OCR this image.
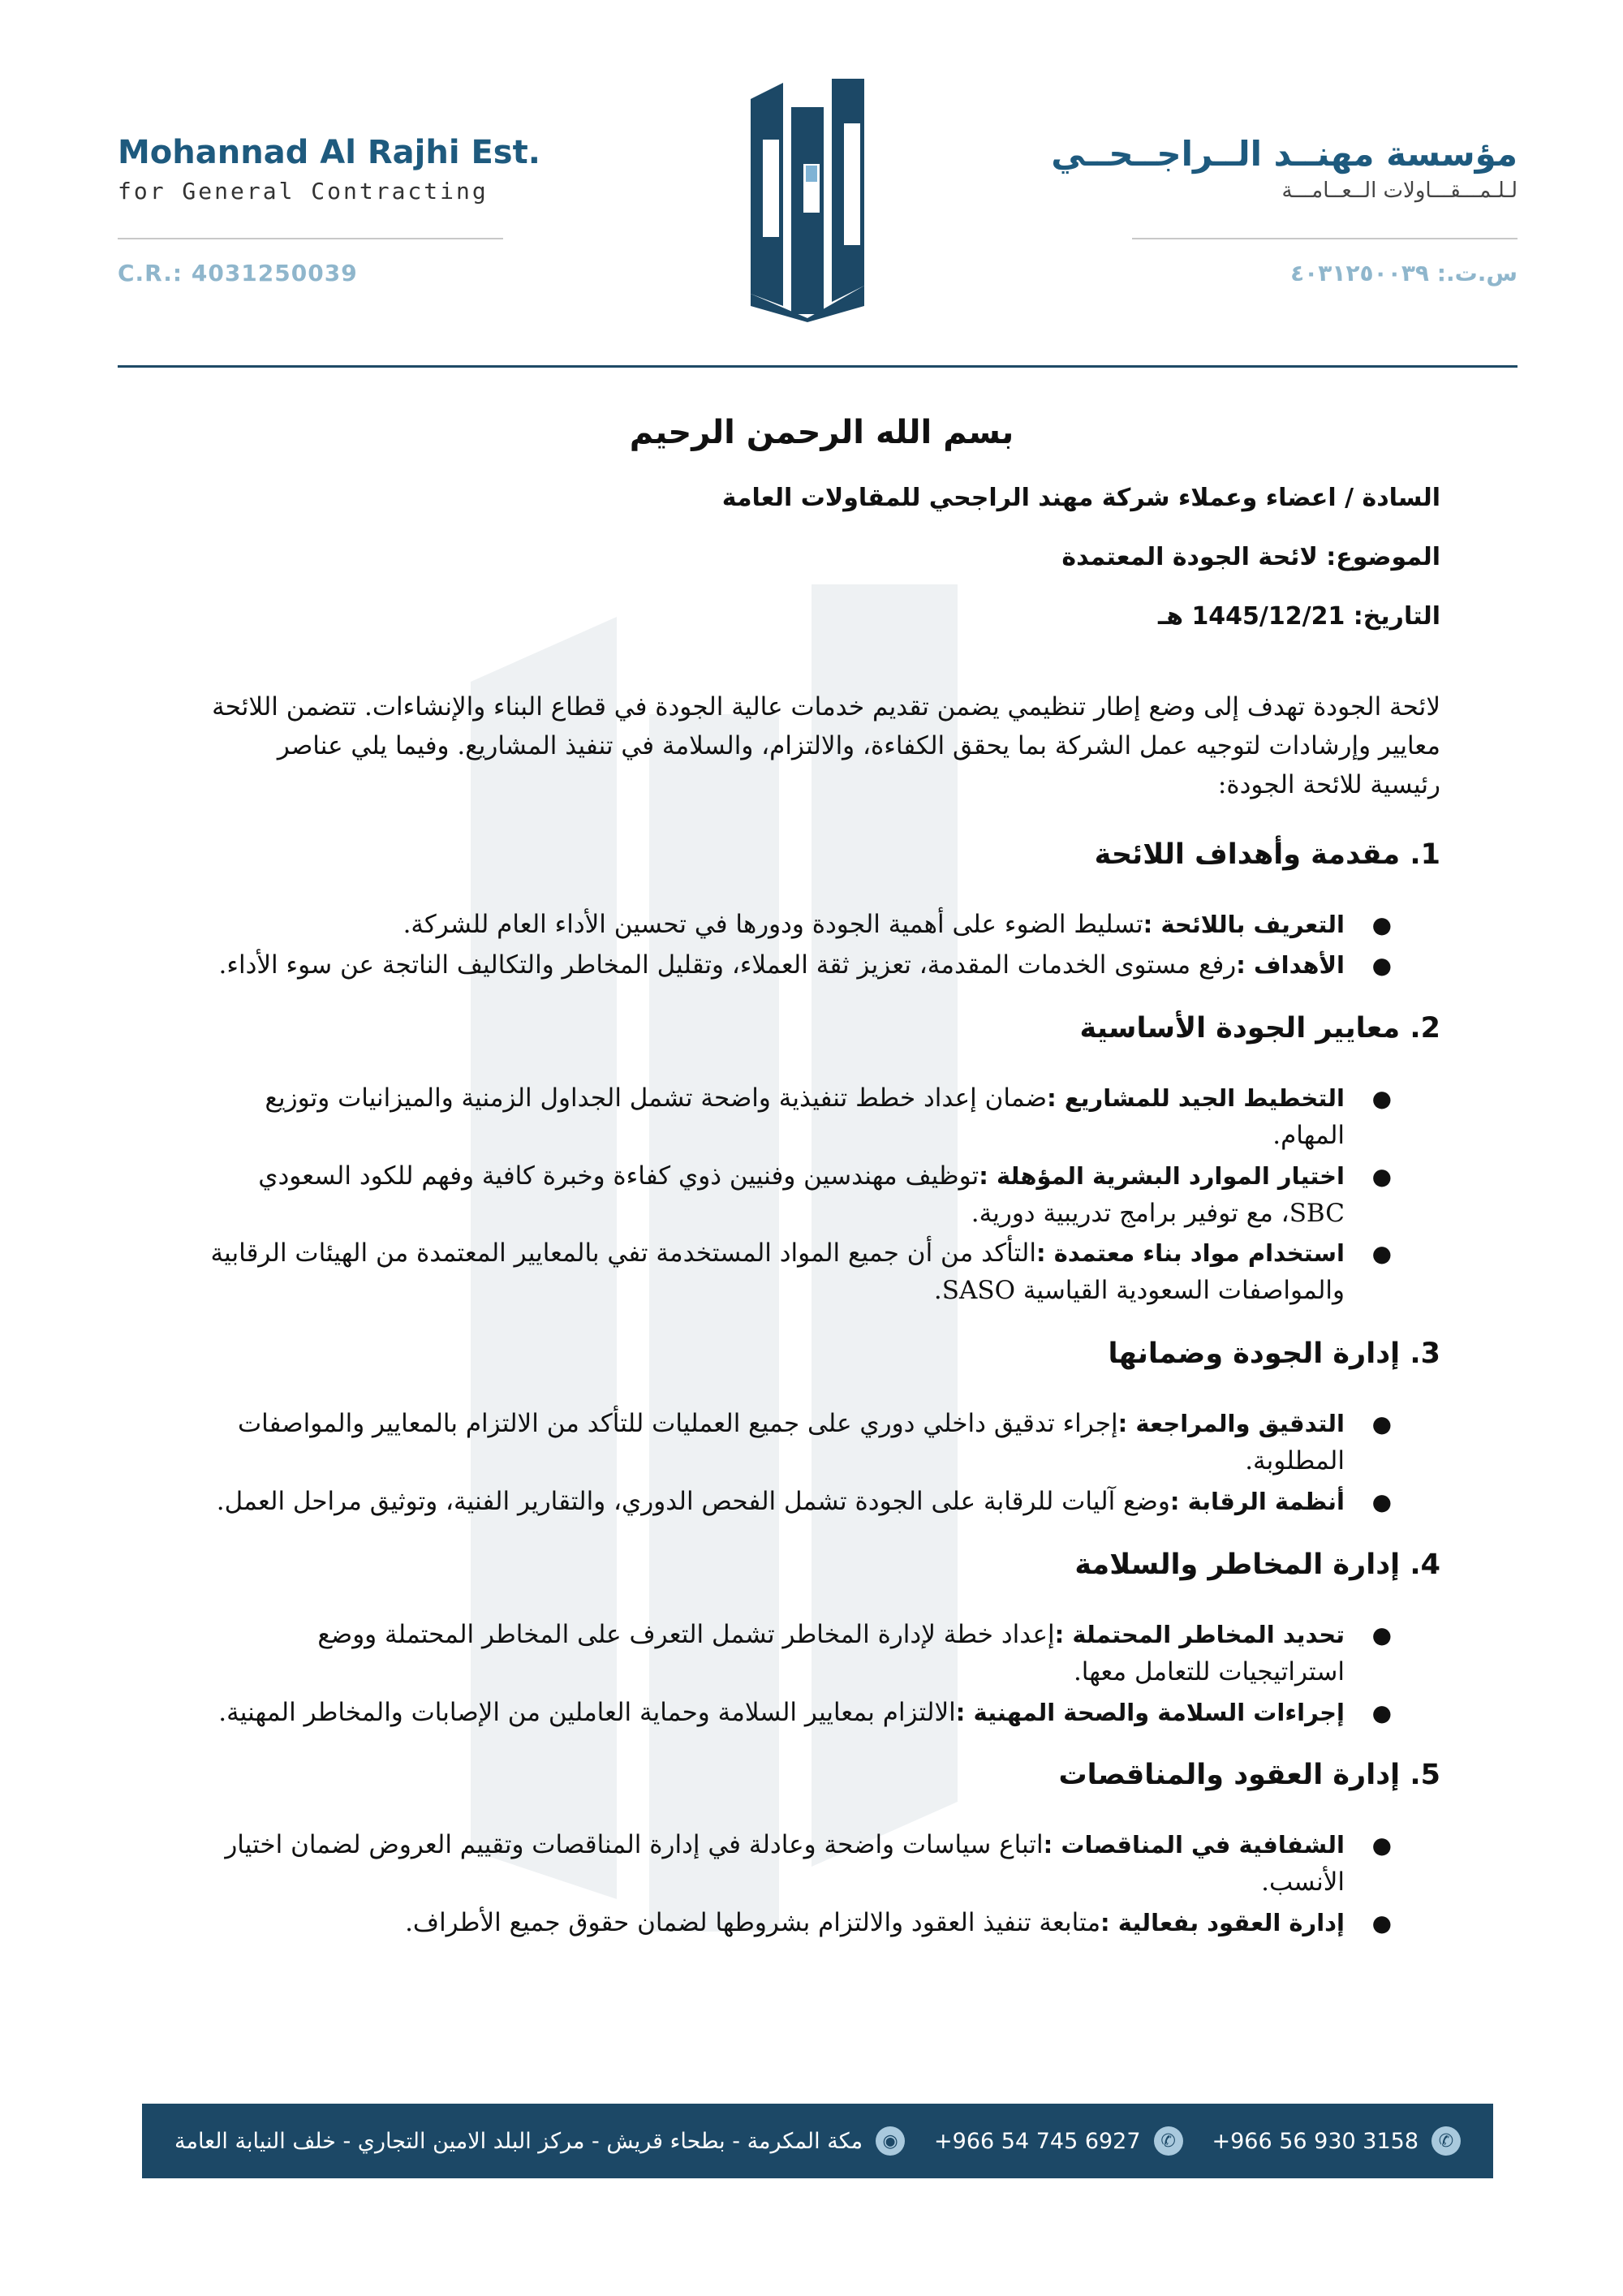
Mohannad Al Rajhi Est.
for General Contracting
C.R.: 4031250039
مؤسسة مهنــد الــراجــحــي
لـلـمـــقـــاولات الــعــامـــة
س.ت.: ٤٠٣١٢٥٠٠٣٩
بسم الله الرحمن الرحيم
السادة / اعضاء وعملاء شركة مهند الراجحي للمقاولات العامة
الموضوع: لائحة الجودة المعتمدة
التاريخ: 1445/12/21 هـ
لائحة الجودة تهدف إلى وضع إطار تنظيمي يضمن تقديم خدمات عالية الجودة في قطاع البناء والإنشاءات. تتضمن اللائحة معايير وإرشادات لتوجيه عمل الشركة بما يحقق الكفاءة، والالتزام، والسلامة في تنفيذ المشاريع. وفيما يلي عناصر رئيسية للائحة الجودة:
1. مقدمة وأهداف اللائحة
●
التعريف باللائحة :تسليط الضوء على أهمية الجودة ودورها في تحسين الأداء العام للشركة.
●
الأهداف :رفع مستوى الخدمات المقدمة، تعزيز ثقة العملاء، وتقليل المخاطر والتكاليف الناتجة عن سوء الأداء.
2. معايير الجودة الأساسية
●
التخطيط الجيد للمشاريع :ضمان إعداد خطط تنفيذية واضحة تشمل الجداول الزمنية والميزانيات وتوزيع المهام.
●
اختيار الموارد البشرية المؤهلة :توظيف مهندسين وفنيين ذوي كفاءة وخبرة كافية وفهم للكود السعودي SBC، مع توفير برامج تدريبية دورية.
●
استخدام مواد بناء معتمدة :التأكد من أن جميع المواد المستخدمة تفي بالمعايير المعتمدة من الهيئات الرقابية والمواصفات السعودية القياسية SASO.
3. إدارة الجودة وضمانها
●
التدقيق والمراجعة :إجراء تدقيق داخلي دوري على جميع العمليات للتأكد من الالتزام بالمعايير والمواصفات المطلوبة.
●
أنظمة الرقابة :وضع آليات للرقابة على الجودة تشمل الفحص الدوري، والتقارير الفنية، وتوثيق مراحل العمل.
4. إدارة المخاطر والسلامة
●
تحديد المخاطر المحتملة :إعداد خطة لإدارة المخاطر تشمل التعرف على المخاطر المحتملة ووضع استراتيجيات للتعامل معها.
●
إجراءات السلامة والصحة المهنية :الالتزام بمعايير السلامة وحماية العاملين من الإصابات والمخاطر المهنية.
5. إدارة العقود والمناقصات
●
الشفافية في المناقصات :اتباع سياسات واضحة وعادلة في إدارة المناقصات وتقييم العروض لضمان اختيار الأنسب.
●
إدارة العقود بفعالية :متابعة تنفيذ العقود والالتزام بشروطها لضمان حقوق جميع الأطراف.
✆
+966 56 930 3158
✆
+966 54 745 6927
◉
مكة المكرمة - بطحاء قريش - مركز البلد الامين التجاري - خلف النيابة العامة
